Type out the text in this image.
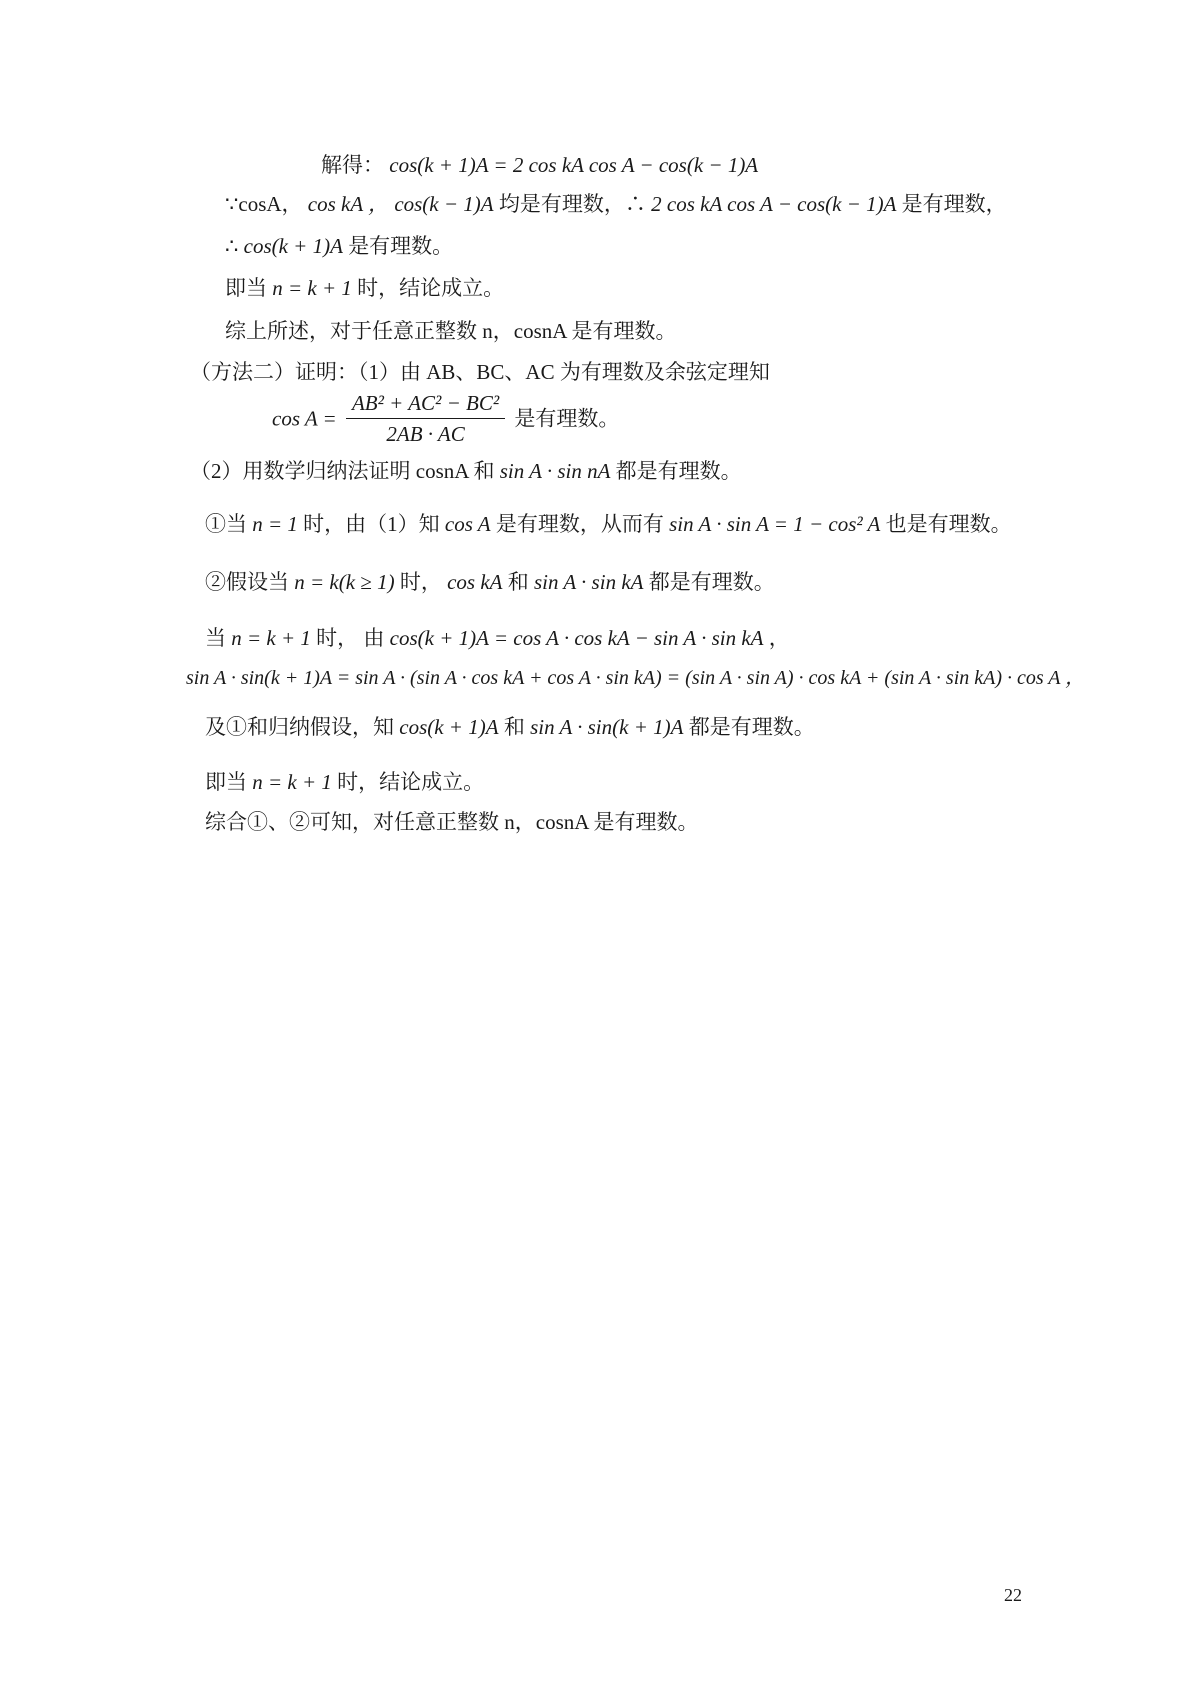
解得： cos(k + 1)A = 2 cos kA cos A − cos(k − 1)A
∵cosA， cos kA ， cos(k − 1)A 均是有理数，∴ 2 cos kA cos A − cos(k − 1)A 是有理数，
∴ cos(k + 1)A 是有理数。
即当 n = k + 1 时，结论成立。
综上所述，对于任意正整数 n，cosnA 是有理数。
（方法二）证明：（1）由 AB、BC、AC 为有理数及余弦定理知
$\cos A = \frac{\text{AB² + AC² − BC²}}{2AB \cdot AC}$ 是有理数。
（2）用数学归纳法证明 cosnA 和 sin A · sin nA 都是有理数。
①当 n = 1 时，由（1）知 cos A 是有理数，从而有 sin A · sin A = 1 − cos² A 也是有理数。
②假设当 n = k(k ≥ 1) 时， cos kA 和 sin A · sin kA 都是有理数。
当 n = k + 1 时， 由 cos(k + 1)A = cos A · cos kA − sin A · sin kA ，
sin A · sin(k + 1)A = sin A · (sin A · cos kA + cos A · sin kA) = (sin A · sin A) · cos kA + (sin A · sin kA) · cos A ，
及①和归纳假设，知 cos(k + 1)A 和 sin A · sin(k + 1)A 都是有理数。
即当 n = k + 1 时，结论成立。
综合①、②可知，对任意正整数 n，cosnA 是有理数。
22
